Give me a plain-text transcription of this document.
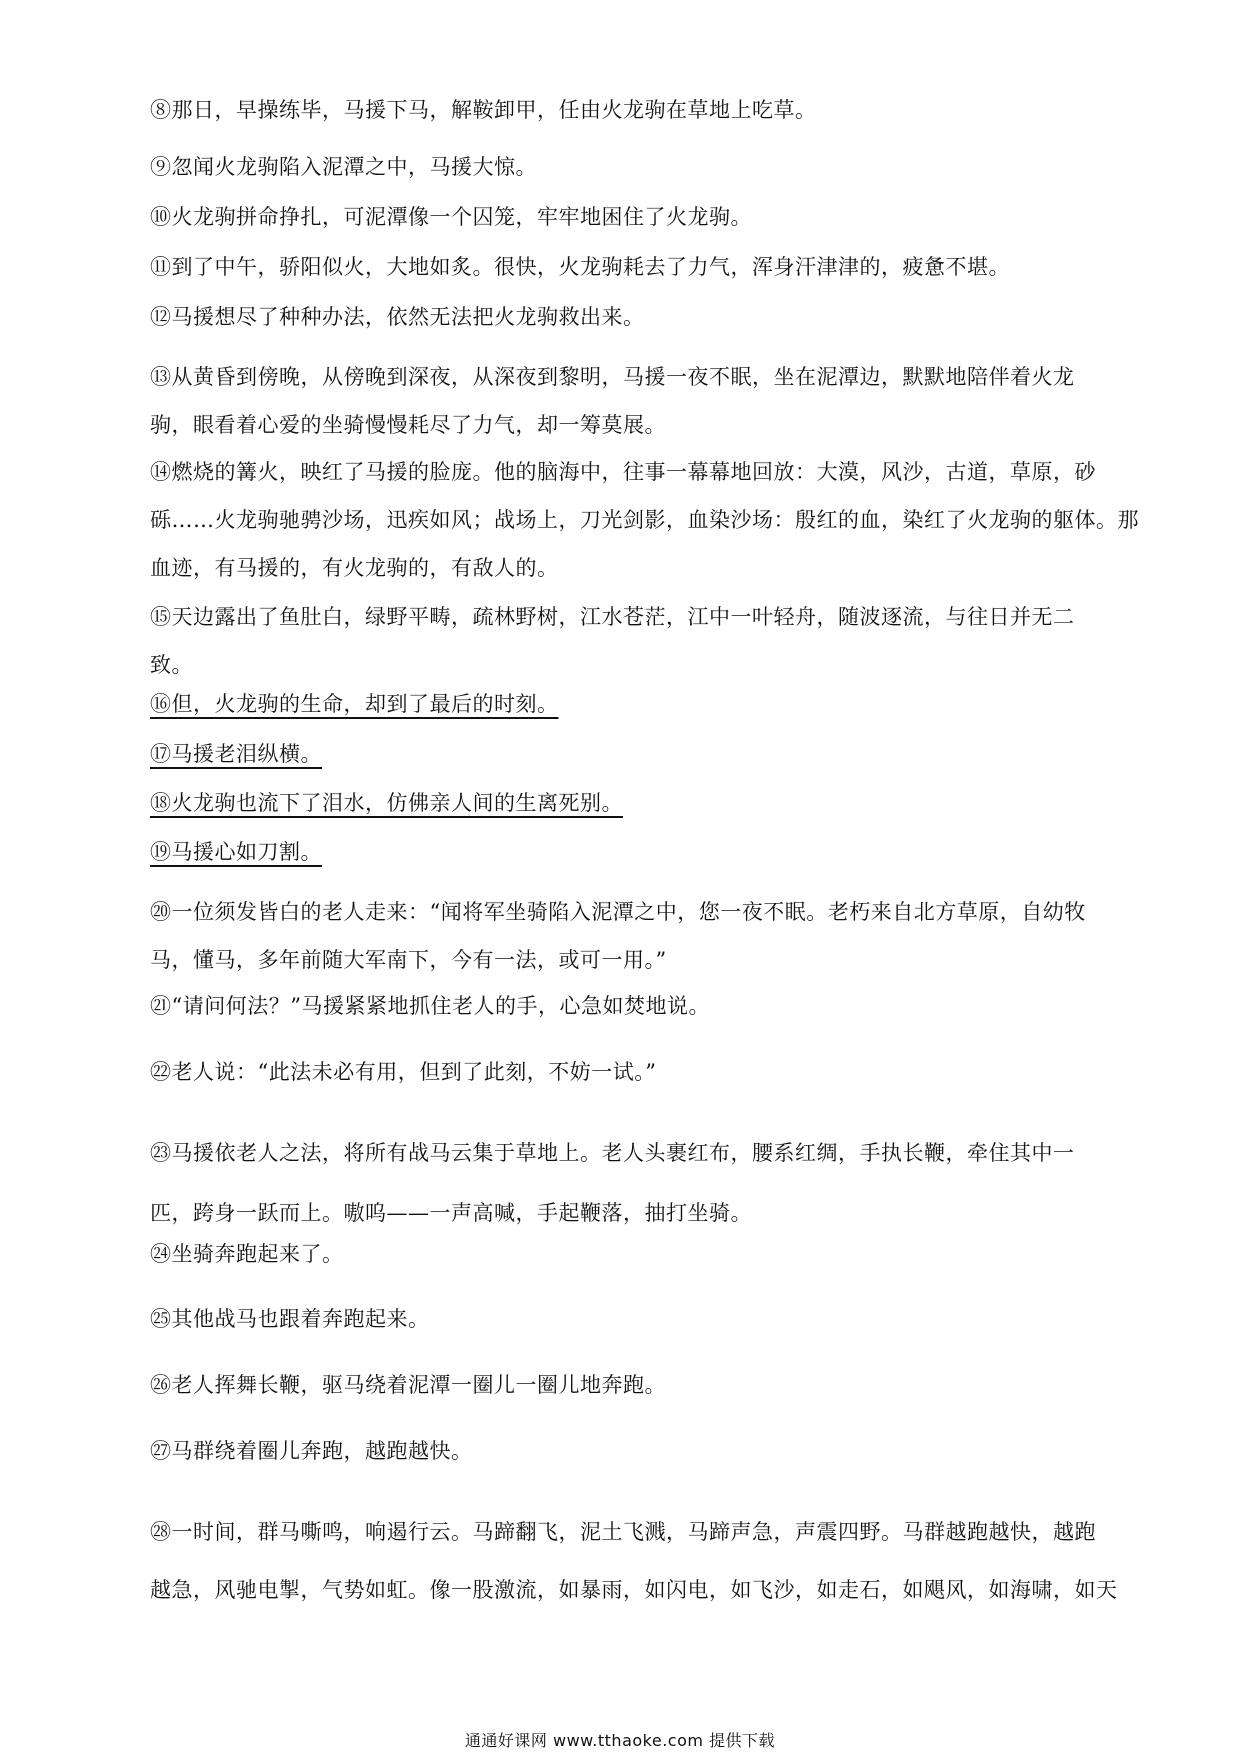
⑧那日，早操练毕，马援下马，解鞍卸甲，任由火龙驹在草地上吃草。

⑨忽闻火龙驹陷入泥潭之中，马援大惊。

⑩火龙驹拼命挣扎，可泥潭像一个囚笼，牢牢地困住了火龙驹。

⑪到了中午，骄阳似火，大地如炙。很快，火龙驹耗去了力气，浑身汗津津的，疲惫不堪。

⑫马援想尽了种种办法，依然无法把火龙驹救出来。

⑬从黄昏到傍晚，从傍晚到深夜，从深夜到黎明，马援一夜不眠，坐在泥潭边，默默地陪伴着火龙
驹，眼看着心爱的坐骑慢慢耗尽了力气，却一筹莫展。

⑭燃烧的篝火，映红了马援的脸庞。他的脑海中，往事一幕幕地回放：大漠，风沙，古道，草原，砂
砾……火龙驹驰骋沙场，迅疾如风；战场上，刀光剑影，血染沙场：殷红的血，染红了火龙驹的躯体。那
血迹，有马援的，有火龙驹的，有敌人的。

⑮天边露出了鱼肚白，绿野平畴，疏林野树，江水苍茫，江中一叶轻舟，随波逐流，与往日并无二
致。

⑯但，火龙驹的生命，却到了最后的时刻。

⑰马援老泪纵横。

⑱火龙驹也流下了泪水，仿佛亲人间的生离死别。

⑲马援心如刀割。

⑳一位须发皆白的老人走来：“闻将军坐骑陷入泥潭之中，您一夜不眠。老朽来自北方草原，自幼牧
马，懂马，多年前随大军南下，今有一法，或可一用。”

㉑“请问何法？”马援紧紧地抓住老人的手，心急如焚地说。

㉒老人说：“此法未必有用，但到了此刻，不妨一试。”

㉓马援依老人之法，将所有战马云集于草地上。老人头裹红布，腰系红绸，手执长鞭，牵住其中一
匹，跨身一跃而上。嗷呜——一声高喊，手起鞭落，抽打坐骑。

㉔坐骑奔跑起来了。

㉕其他战马也跟着奔跑起来。

㉖老人挥舞长鞭，驱马绕着泥潭一圈儿一圈儿地奔跑。

㉗马群绕着圈儿奔跑，越跑越快。

㉘一时间，群马嘶鸣，响遏行云。马蹄翻飞，泥土飞溅，马蹄声急，声震四野。马群越跑越快，越跑
越急，风驰电掣，气势如虹。像一股激流，如暴雨，如闪电，如飞沙，如走石，如飓风，如海啸，如天

通通好课网 www.tthaoke.com 提供下载
